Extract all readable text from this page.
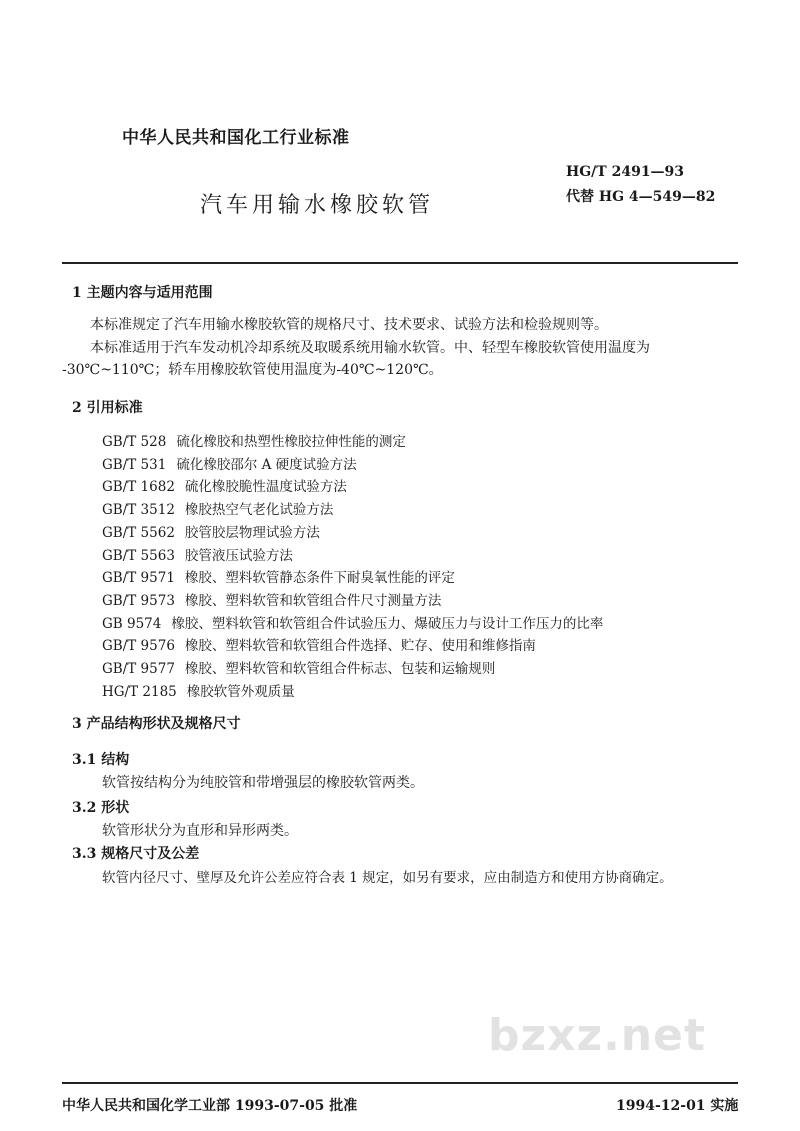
中华人民共和国化工行业标准
HG/T 2491—93
代替 HG 4—549—82
汽车用输水橡胶软管
1 主题内容与适用范围
本标准规定了汽车用输水橡胶软管的规格尺寸、技术要求、试验方法和检验规则等。
本标准适用于汽车发动机冷却系统及取暖系统用输水软管。中、轻型车橡胶软管使用温度为
-30℃~110℃；轿车用橡胶软管使用温度为-40℃~120℃。
2 引用标准
GB/T 528 硫化橡胶和热塑性橡胶拉伸性能的测定
GB/T 531 硫化橡胶邵尔 A 硬度试验方法
GB/T 1682 硫化橡胶脆性温度试验方法
GB/T 3512 橡胶热空气老化试验方法
GB/T 5562 胶管胶层物理试验方法
GB/T 5563 胶管液压试验方法
GB/T 9571 橡胶、塑料软管静态条件下耐臭氧性能的评定
GB/T 9573 橡胶、塑料软管和软管组合件尺寸测量方法
GB 9574 橡胶、塑料软管和软管组合件试验压力、爆破压力与设计工作压力的比率
GB/T 9576 橡胶、塑料软管和软管组合件选择、贮存、使用和维修指南
GB/T 9577 橡胶、塑料软管和软管组合件标志、包装和运输规则
HG/T 2185 橡胶软管外观质量
3 产品结构形状及规格尺寸
3.1 结构
软管按结构分为纯胶管和带增强层的橡胶软管两类。
3.2 形状
软管形状分为直形和异形两类。
3.3 规格尺寸及公差
软管内径尺寸、壁厚及允许公差应符合表 1 规定，如另有要求，应由制造方和使用方协商确定。
bzxz.net
中华人民共和国化学工业部 1993-07-05 批准	1994-12-01 实施
